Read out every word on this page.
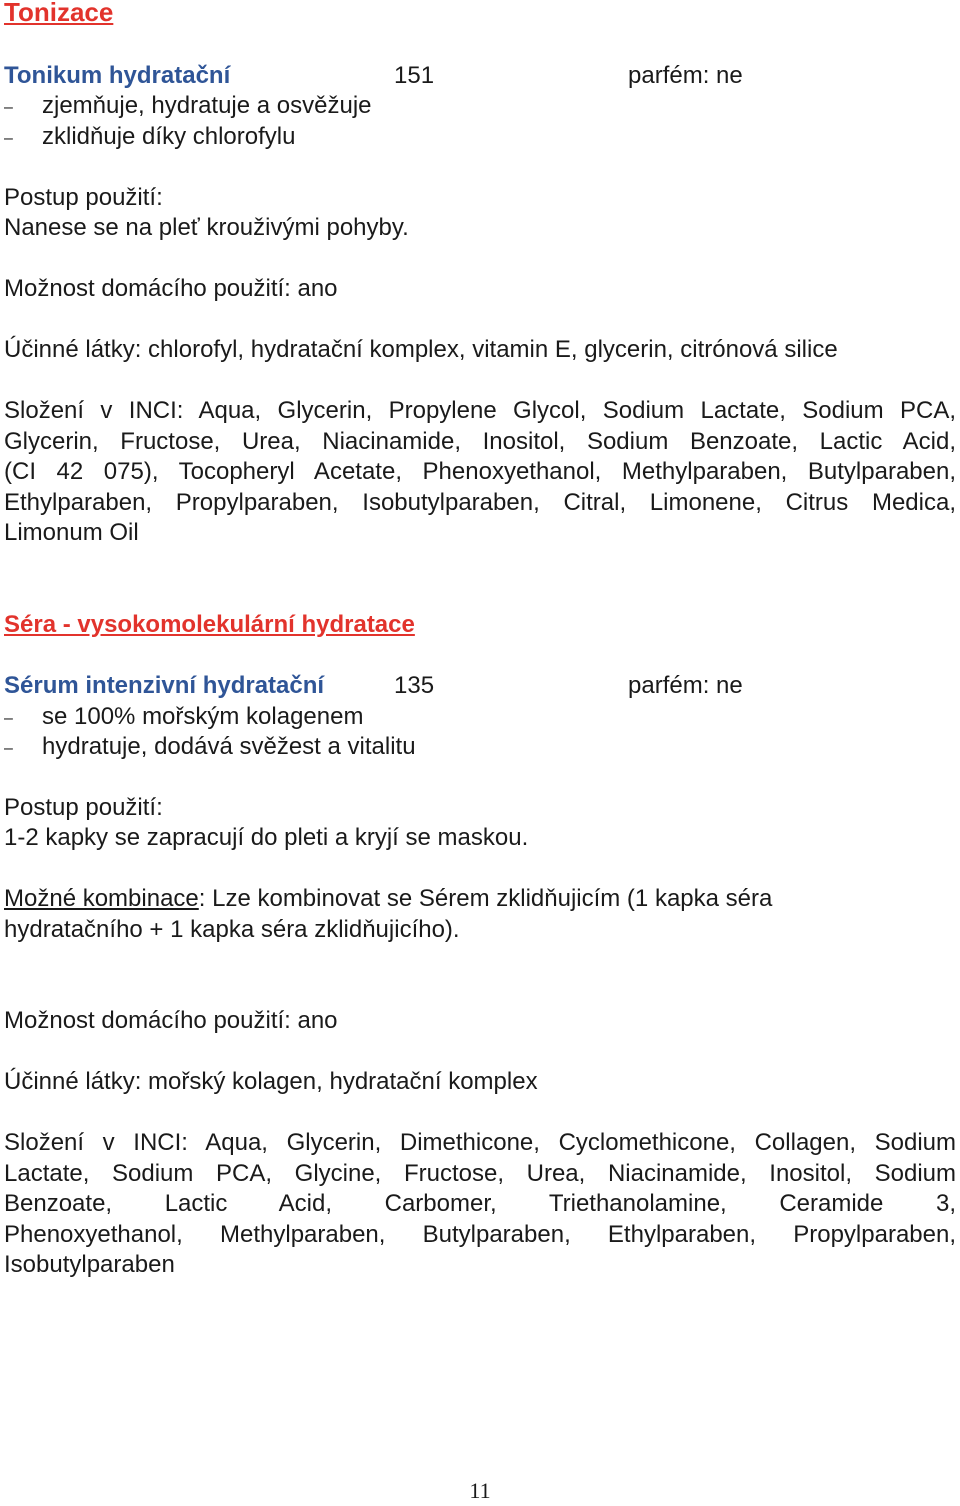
Tonizace
Tonikum hydratační	151	parfém: ne
– zjemňuje, hydratuje a osvěžuje
– zklidňuje díky chlorofylu
Postup použití:
Nanese se na pleť krouživými pohyby.
Možnost domácího použití: ano
Účinné látky: chlorofyl, hydratační komplex, vitamin E, glycerin, citrónová silice
Složení v INCI: Aqua, Glycerin, Propylene Glycol, Sodium Lactate, Sodium PCA,
Glycerin, Fructose, Urea, Niacinamide, Inositol, Sodium Benzoate, Lactic Acid,
(CI 42 075), Tocopheryl Acetate, Phenoxyethanol, Methylparaben, Butylparaben,
Ethylparaben, Propylparaben, Isobutylparaben, Citral, Limonene, Citrus Medica,
Limonum Oil
Séra - vysokomolekulární hydratace
Sérum intenzivní hydratační	135	parfém: ne
– se 100% mořským kolagenem
– hydratuje, dodává svěžest a vitalitu
Postup použití:
1-2 kapky se zapracují do pleti a kryjí se maskou.
Možné kombinace: Lze kombinovat se Sérem zklidňujicím (1 kapka séra
hydratačního + 1 kapka séra zklidňujicího).
Možnost domácího použití: ano
Účinné látky: mořský kolagen, hydratační komplex
Složení v INCI: Aqua, Glycerin, Dimethicone, Cyclomethicone, Collagen, Sodium
Lactate, Sodium PCA, Glycine, Fructose, Urea, Niacinamide, Inositol, Sodium
Benzoate, Lactic Acid, Carbomer, Triethanolamine, Ceramide 3,
Phenoxyethanol, Methylparaben, Butylparaben, Ethylparaben, Propylparaben,
Isobutylparaben
11
